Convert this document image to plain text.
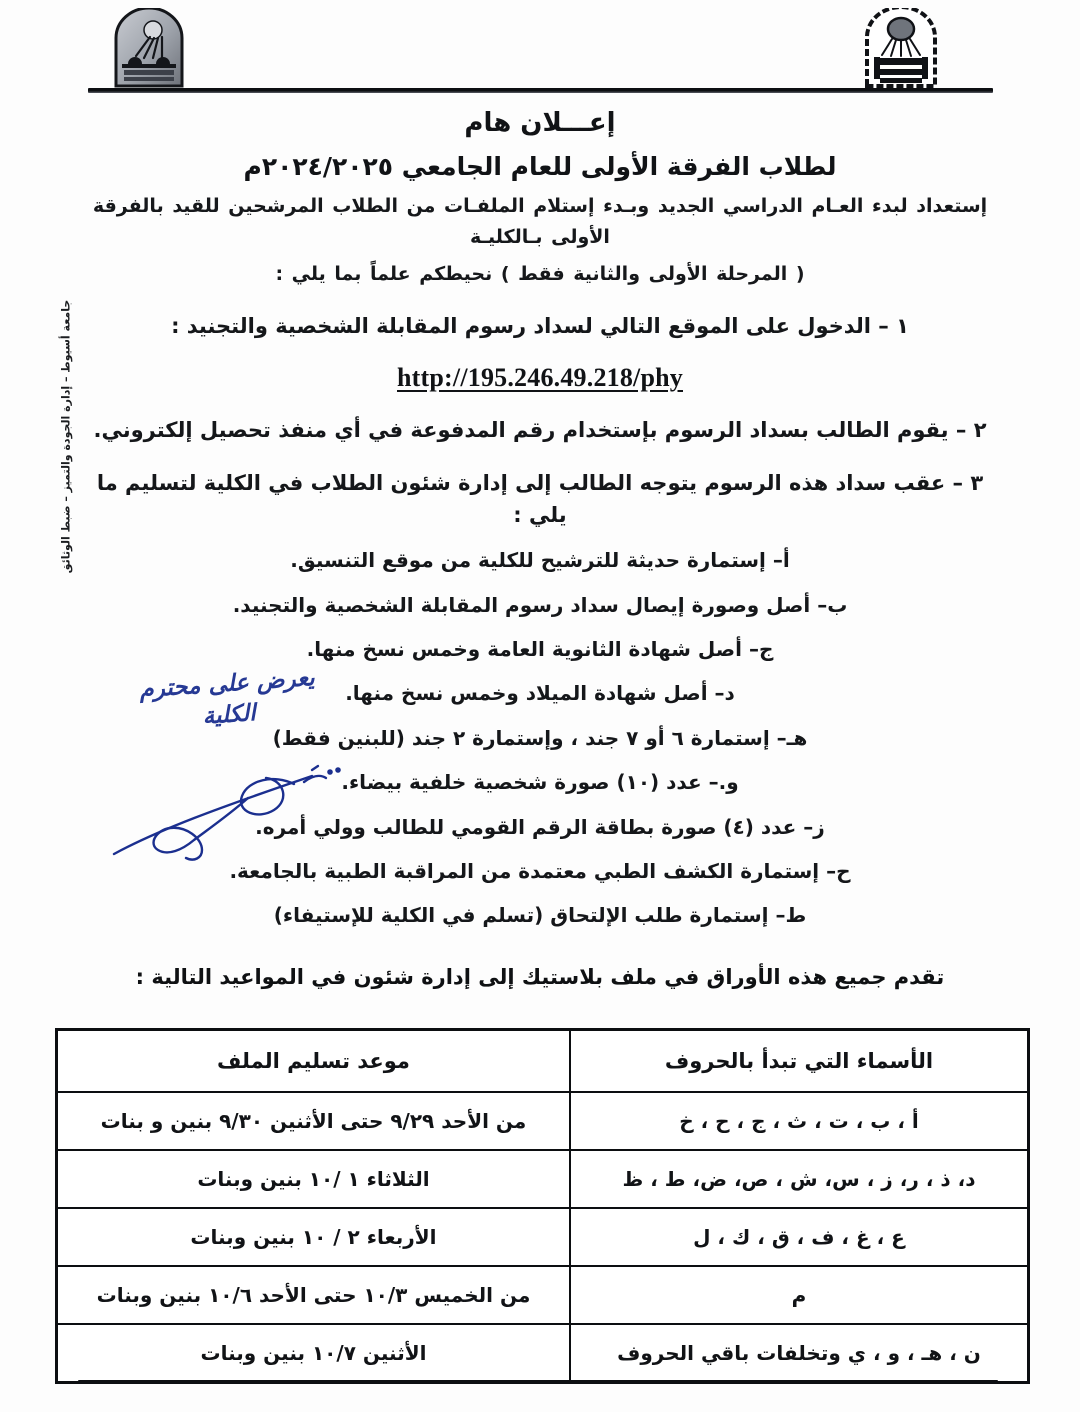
جامعة أسيوط – إدارة الجودة والتميز – ضبط الوثائق
إعـــلان هام
لطلاب الفرقة الأولى للعام الجامعي ٢٠٢٤/٢٠٢٥م
إستعداد لبدء العـام الدراسي الجديد وبـدء إستلام الملفـات من الطلاب المرشحين للقيد بالفرقة الأولى بـالكليـة
( المرحلة الأولى والثانية فقط ) نحيطكم علماً بما يلي :
١ – الدخول على الموقع التالي لسداد رسوم المقابلة الشخصية والتجنيد :
http://195.246.49.218/phy
٢ – يقوم الطالب بسداد الرسوم بإستخدام رقم المدفوعة في أي منفذ تحصيل إلكتروني.
٣ – عقب سداد هذه الرسوم يتوجه الطالب إلى إدارة شئون الطلاب في الكلية لتسليم ما يلي :
أ– إستمارة حديثة للترشيح للكلية من موقع التنسيق.
ب– أصل وصورة إيصال سداد رسوم المقابلة الشخصية والتجنيد.
ج– أصل شهادة الثانوية العامة وخمس نسخ منها.
د– أصل شهادة الميلاد وخمس نسخ منها.
هـ– إستمارة ٦ أو ٧ جند ، وإستمارة ٢ جند (للبنين فقط)
و.– عدد (١٠) صورة شخصية خلفية بيضاء.
ز– عدد (٤) صورة بطاقة الرقم القومي للطالب وولي أمره.
ح– إستمارة الكشف الطبي معتمدة من المراقبة الطبية بالجامعة.
ط– إستمارة طلب الإلتحاق (تسلم في الكلية للإستيفاء)
تقدم جميع هذه الأوراق في ملف بلاستيك إلى إدارة شئون في المواعيد التالية :
الأسماء التي تبدأ بالحروف	موعد تسليم الملف
أ ، ب ، ت ، ث ، ج ، ح ، خ	من الأحد ٩/٢٩ حتى الأثنين ٩/٣٠ بنين و بنات
د، ذ ، ر، ز ، س، ش ، ص، ض، ط ، ظ	الثلاثاء ١ /١٠ بنين وبنات
ع ، غ ، ف ، ق ، ك ، ل	الأربعاء ٢ / ١٠ بنين وبنات
م	من الخميس ١٠/٣ حتى الأحد ١٠/٦ بنين وبنات
ن ، هـ ، و ، ي وتخلفات باقي الحروف	الأثنين ١٠/٧ بنين وبنات
يعرض على محترم
الكلية
